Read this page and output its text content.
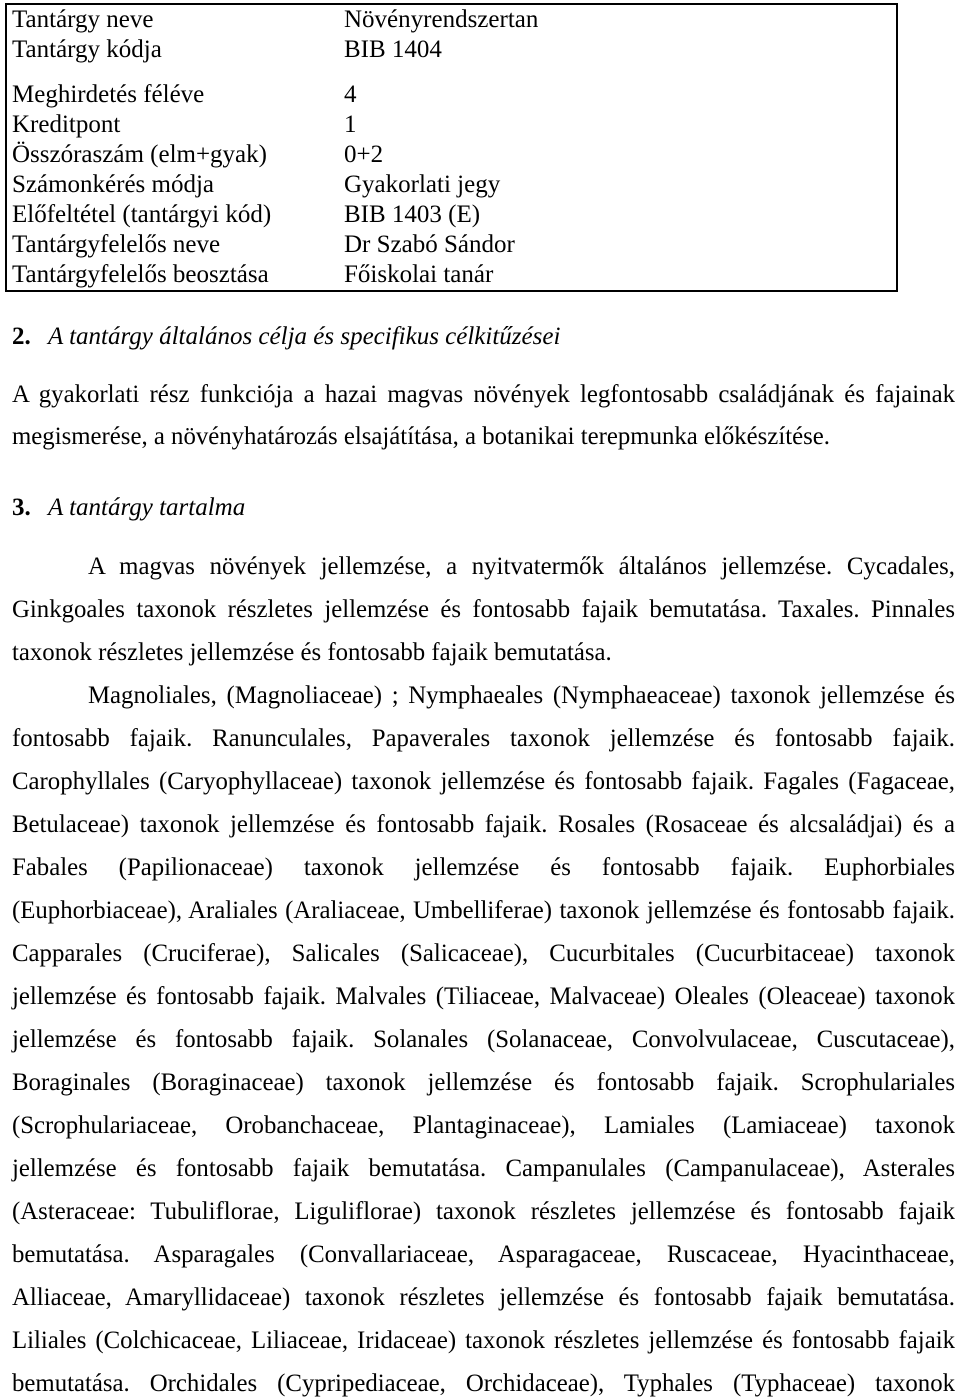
Tantárgy neve	Növényrendszertan
Tantárgy kódja	BIB 1404
Meghirdetés féléve	4
Kreditpont	1
Összóraszám (elm+gyak)	0+2
Számonkérés módja	Gyakorlati jegy
Előfeltétel (tantárgyi kód)	BIB 1403 (E)
Tantárgyfelelős neve	Dr Szabó Sándor
Tantárgyfelelős beosztása	Főiskolai tanár
2. A tantárgy általános célja és specifikus célkitűzései
A gyakorlati rész funkciója a hazai magvas növények legfontosabb családjának és fajainak
megismerése, a növényhatározás elsajátítása, a botanikai terepmunka előkészítése.
3. A tantárgy tartalma
A magvas növények jellemzése, a nyitvatermők általános jellemzése. Cycadales,
Ginkgoales taxonok részletes jellemzése és fontosabb fajaik bemutatása. Taxales. Pinnales
taxonok részletes jellemzése és fontosabb fajaik bemutatása.
Magnoliales, (Magnoliaceae) ; Nymphaeales (Nymphaeaceae) taxonok jellemzése és
fontosabb fajaik. Ranunculales, Papaverales taxonok jellemzése és fontosabb fajaik.
Carophyllales (Caryophyllaceae) taxonok jellemzése és fontosabb fajaik. Fagales (Fagaceae,
Betulaceae) taxonok jellemzése és fontosabb fajaik. Rosales (Rosaceae és alcsaládjai) és a
Fabales (Papilionaceae) taxonok jellemzése és fontosabb fajaik. Euphorbiales
(Euphorbiaceae), Araliales (Araliaceae, Umbelliferae) taxonok jellemzése és fontosabb fajaik.
Capparales (Cruciferae), Salicales (Salicaceae), Cucurbitales (Cucurbitaceae) taxonok
jellemzése és fontosabb fajaik. Malvales (Tiliaceae, Malvaceae) Oleales (Oleaceae) taxonok
jellemzése és fontosabb fajaik. Solanales (Solanaceae, Convolvulaceae, Cuscutaceae),
Boraginales (Boraginaceae) taxonok jellemzése és fontosabb fajaik. Scrophulariales
(Scrophulariaceae, Orobanchaceae, Plantaginaceae), Lamiales (Lamiaceae) taxonok
jellemzése és fontosabb fajaik bemutatása. Campanulales (Campanulaceae), Asterales
(Asteraceae: Tubuliflorae, Liguliflorae) taxonok részletes jellemzése és fontosabb fajaik
bemutatása. Asparagales (Convallariaceae, Asparagaceae, Ruscaceae, Hyacinthaceae,
Alliaceae, Amaryllidaceae) taxonok részletes jellemzése és fontosabb fajaik bemutatása.
Liliales (Colchicaceae, Liliaceae, Iridaceae) taxonok részletes jellemzése és fontosabb fajaik
bemutatása. Orchidales (Cypripediaceae, Orchidaceae), Typhales (Typhaceae) taxonok
